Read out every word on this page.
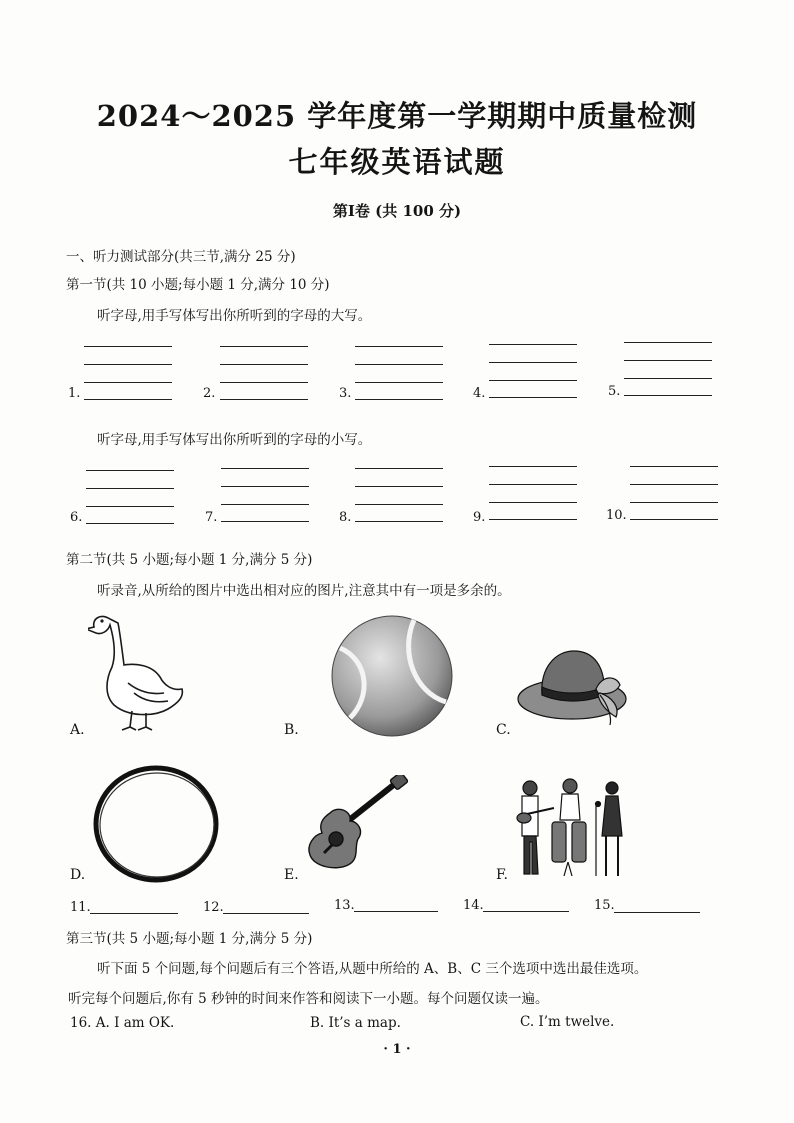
2024～2025 学年度第一学期期中质量检测
七年级英语试题
第Ⅰ卷 (共 100 分)
一、听力测试部分(共三节,满分 25 分)
第一节(共 10 小题;每小题 1 分,满分 10 分)
听字母,用手写体写出你所听到的字母的大写。
1.	2.	3.	4.	5.
听字母,用手写体写出你所听到的字母的小写。
6.	7.	8.	9.	10.
第二节(共 5 小题;每小题 1 分,满分 5 分)
听录音,从所给的图片中选出相对应的图片,注意其中有一项是多余的。
A.	B.	C.
D.	E.	F.
11.	12.	13.	14.	15.
第三节(共 5 小题;每小题 1 分,满分 5 分)
听下面 5 个问题,每个问题后有三个答语,从题中所给的 A、B、C 三个选项中选出最佳选项。
听完每个问题后,你有 5 秒钟的时间来作答和阅读下一小题。每个问题仅读一遍。
16. A. I am OK.	B. It’s a map.	C. I’m twelve.
· 1 ·
